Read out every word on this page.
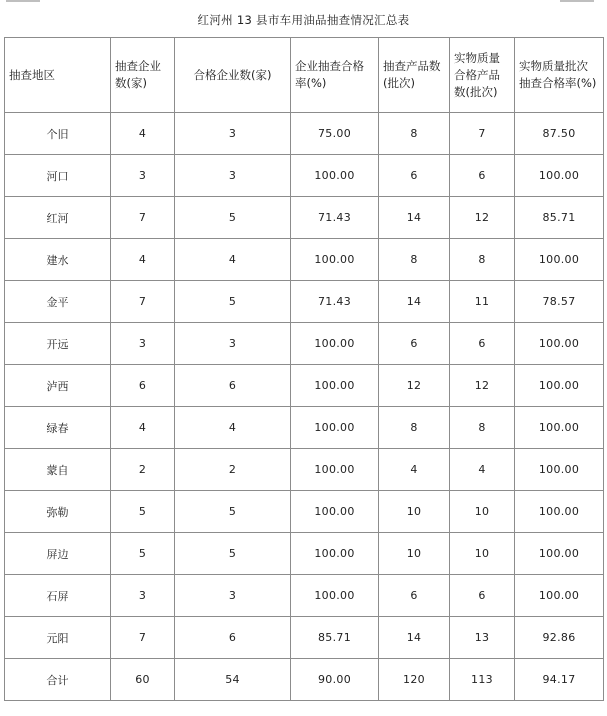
红河州 13 县市车用油品抽查情况汇总表
抽查地区	抽查企业数(家)	合格企业数(家)	企业抽查合格率(%)	抽查产品数(批次)	实物质量合格产品数(批次)	实物质量批次抽查合格率(%)
个旧	4	3	75.00	8	7	87.50
河口	3	3	100.00	6	6	100.00
红河	7	5	71.43	14	12	85.71
建水	4	4	100.00	8	8	100.00
金平	7	5	71.43	14	11	78.57
开远	3	3	100.00	6	6	100.00
泸西	6	6	100.00	12	12	100.00
绿春	4	4	100.00	8	8	100.00
蒙自	2	2	100.00	4	4	100.00
弥勒	5	5	100.00	10	10	100.00
屏边	5	5	100.00	10	10	100.00
石屏	3	3	100.00	6	6	100.00
元阳	7	6	85.71	14	13	92.86
合计	60	54	90.00	120	113	94.17
